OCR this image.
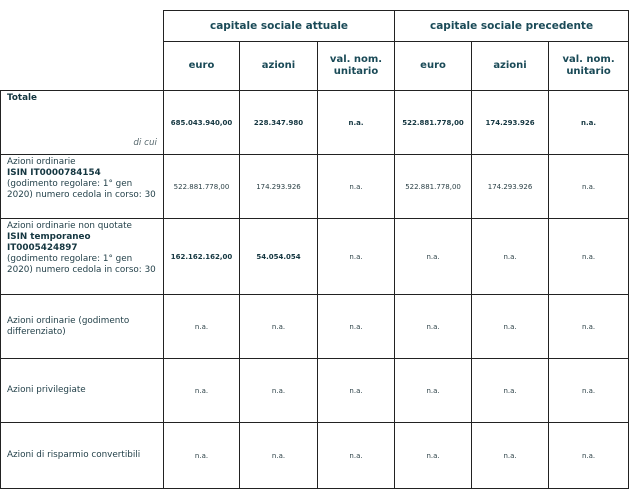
	capitale sociale attuale			capitale sociale precedente		
	euro	azioni	val. nom. unitario	euro	azioni	val. nom. unitario

Totale
di cui	685.043.940,00	228.347.980	n.a.	522.881.778,00	174.293.926	n.a.
Azioni ordinarie
ISIN IT0000784154
(godimento regolare: 1° gen 2020) numero cedola in corso: 30	522.881.778,00	174.293.926	n.a.	522.881.778,00	174.293.926	n.a.
Azioni ordinarie non quotate
ISIN temporaneo IT0005424897
(godimento regolare: 1° gen 2020) numero cedola in corso: 30	162.162.162,00	54.054.054	n.a.	n.a.	n.a.	n.a.
Azioni ordinarie (godimento differenziato)	n.a.	n.a.	n.a.	n.a.	n.a.	n.a.
Azioni privilegiate	n.a.	n.a.	n.a.	n.a.	n.a.	n.a.
Azioni di risparmio convertibili	n.a.	n.a.	n.a.	n.a.	n.a.	n.a.
